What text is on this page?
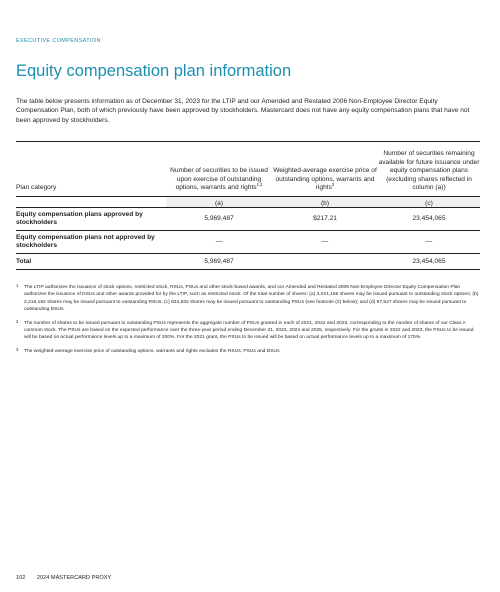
EXECUTIVE COMPENSATION
Equity compensation plan information

The table below presents information as of December 31, 2023 for the LTIP and our Amended and Restated 2006 Non-Employee Director Equity Compensation Plan, both of which previously have been approved by stockholders. Mastercard does not have any equity compensation plans that have not been approved by stockholders.

Plan category	Number of securities to be issued upon exercise of outstanding options, warrants and rights$^{1,2}$	Weighted-average exercise price of outstanding options, warrants and rights$^3$	Number of securities remaining available for future issuance under equity compensation plans (excluding shares reflected in column (a))
	(a)	(b)	(c)
Equity compensation plans approved by stockholders	5,969,487	$217.21	23,454,065
Equity compensation plans not approved by stockholders	—	—	—
Total	5,969,487		23,454,065
1 The LTIP authorizes the issuance of stock options, restricted stock, RSUs, PSUs and other stock-based awards, and our Amended and Restated 2006 Non-Employee Director Equity Compensation Plan authorizes the issuance of DSUs and other awards provided for by the LTIP, such as restricted stock. Of the total number of shares: (a) 3,021,156 shares may be issued pursuant to outstanding stock options; (b) 2,216,182 shares may be issued pursuant to outstanding RSUs; (c) 634,632 shares may be issued pursuant to outstanding PSUs (see footnote (2) below); and (d) 97,527 shares may be issued pursuant to outstanding DSUs.
2 The number of shares to be issued pursuant to outstanding PSUs represents the aggregate number of PSUs granted in each of 2021, 2022 and 2023, corresponding to the number of shares of our Class A common stock. The PSUs are based on the expected performance over the three-year period ending December 31, 2023, 2024 and 2025, respectively. For the grants in 2022 and 2023, the PSUs to be issued will be based on actual performance levels up to a maximum of 200%. For the 2021 grant, the PSUs to be issued will be based on actual performance levels up to a maximum of 175%.
3 The weighted-average exercise price of outstanding options, warrants and rights excludes the RSUs, PSUs and DSUs
102 2024 MASTERCARD PROXY
